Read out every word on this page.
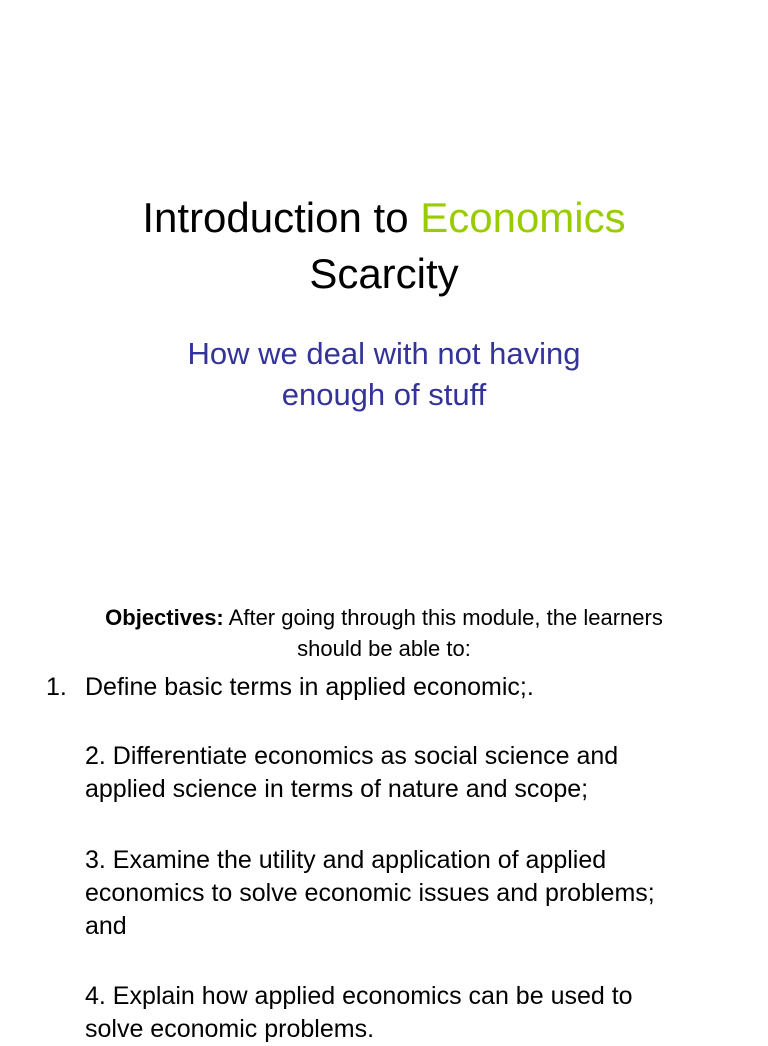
Introduction to Economics
Scarcity

How we deal with not having
enough of stuff

Objectives: After going through this module, the learners
should be able to:

1. Define basic terms in applied economic;.

2. Differentiate economics as social science and
applied science in terms of nature and scope;

3. Examine the utility and application of applied
economics to solve economic issues and problems;
and

4. Explain how applied economics can be used to
solve economic problems.
